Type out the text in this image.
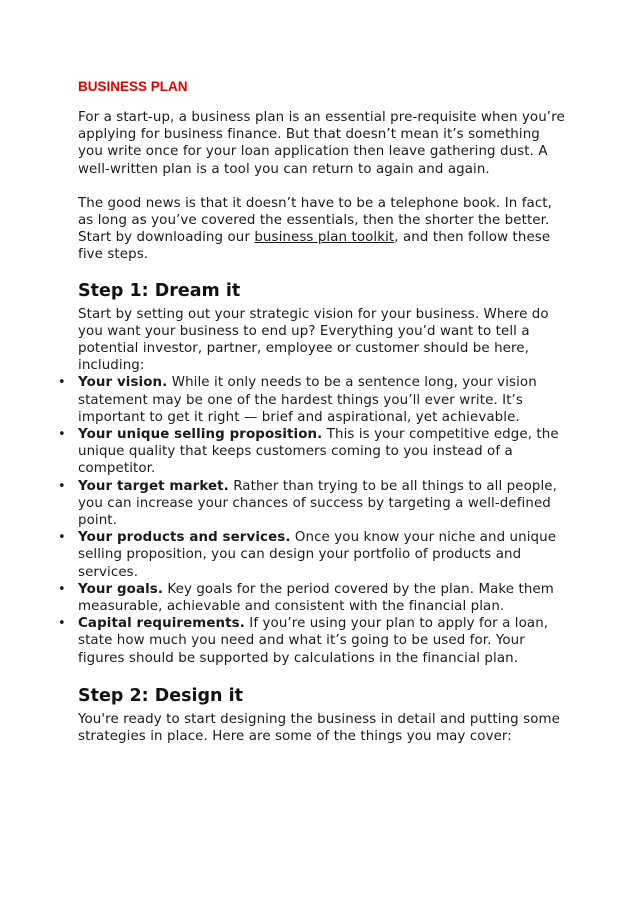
BUSINESS PLAN

For a start-up, a business plan is an essential pre-requisite when you’re applying for business finance. But that doesn’t mean it’s something you write once for your loan application then leave gathering dust. A well-written plan is a tool you can return to again and again.

The good news is that it doesn’t have to be a telephone book. In fact, as long as you’ve covered the essentials, then the shorter the better. Start by downloading our business plan toolkit, and then follow these five steps.

Step 1: Dream it

Start by setting out your strategic vision for your business. Where do you want your business to end up? Everything you’d want to tell a potential investor, partner, employee or customer should be here, including:

• Your vision. While it only needs to be a sentence long, your vision statement may be one of the hardest things you’ll ever write. It’s important to get it right — brief and aspirational, yet achievable.
• Your unique selling proposition. This is your competitive edge, the unique quality that keeps customers coming to you instead of a competitor.
• Your target market. Rather than trying to be all things to all people, you can increase your chances of success by targeting a well-defined point.
• Your products and services. Once you know your niche and unique selling proposition, you can design your portfolio of products and services.
• Your goals. Key goals for the period covered by the plan. Make them measurable, achievable and consistent with the financial plan.
• Capital requirements. If you’re using your plan to apply for a loan, state how much you need and what it’s going to be used for. Your figures should be supported by calculations in the financial plan.
Step 2: Design it

You're ready to start designing the business in detail and putting some strategies in place. Here are some of the things you may cover:
